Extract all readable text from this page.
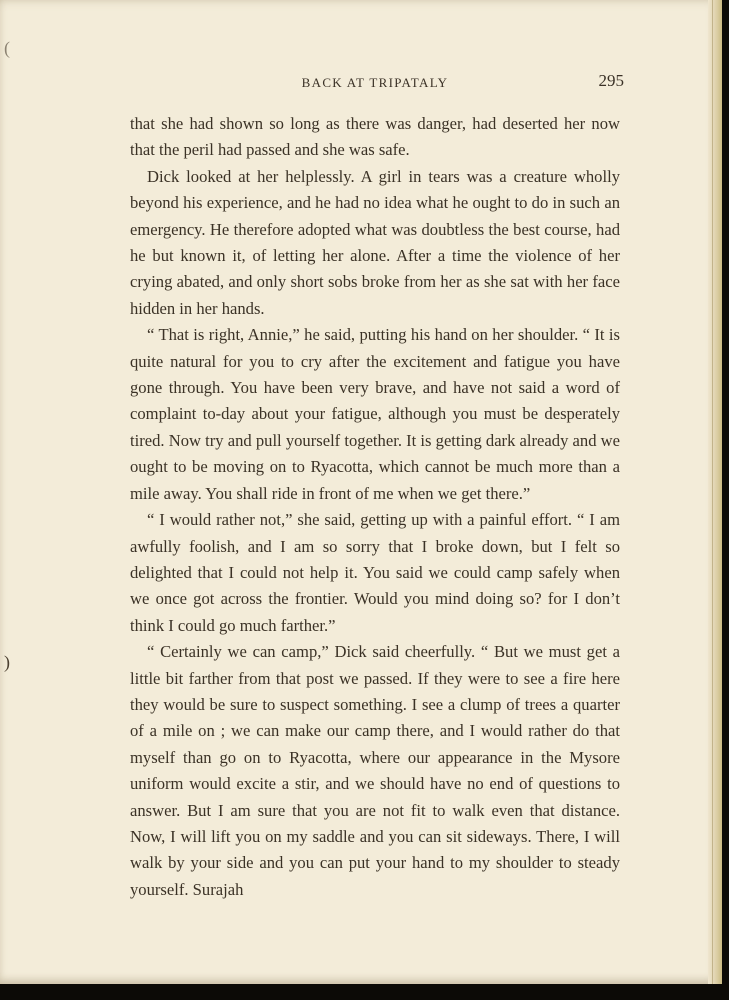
(
)
BACK AT TRIPATALY	295

that she had shown so long as there was danger, had deserted her now that the peril had passed and she was safe.

Dick looked at her helplessly. A girl in tears was a creature wholly beyond his experience, and he had no idea what he ought to do in such an emergency. He therefore adopted what was doubtless the best course, had he but known it, of letting her alone. After a time the violence of her crying abated, and only short sobs broke from her as she sat with her face hidden in her hands.

“ That is right, Annie,” he said, putting his hand on her shoulder. “ It is quite natural for you to cry after the excitement and fatigue you have gone through. You have been very brave, and have not said a word of complaint to-day about your fatigue, although you must be desperately tired. Now try and pull yourself together. It is getting dark already and we ought to be moving on to Ryacotta, which cannot be much more than a mile away. You shall ride in front of me when we get there.”

“ I would rather not,” she said, getting up with a painful effort. “ I am awfully foolish, and I am so sorry that I broke down, but I felt so delighted that I could not help it. You said we could camp safely when we once got across the frontier. Would you mind doing so? for I don’t think I could go much farther.”

“ Certainly we can camp,” Dick said cheerfully. “ But we must get a little bit farther from that post we passed. If they were to see a fire here they would be sure to suspect something. I see a clump of trees a quarter of a mile on ; we can make our camp there, and I would rather do that myself than go on to Ryacotta, where our appearance in the Mysore uniform would excite a stir, and we should have no end of questions to answer. But I am sure that you are not fit to walk even that distance. Now, I will lift you on my saddle and you can sit sideways. There, I will walk by your side and you can put your hand to my shoulder to steady yourself. Surajah
